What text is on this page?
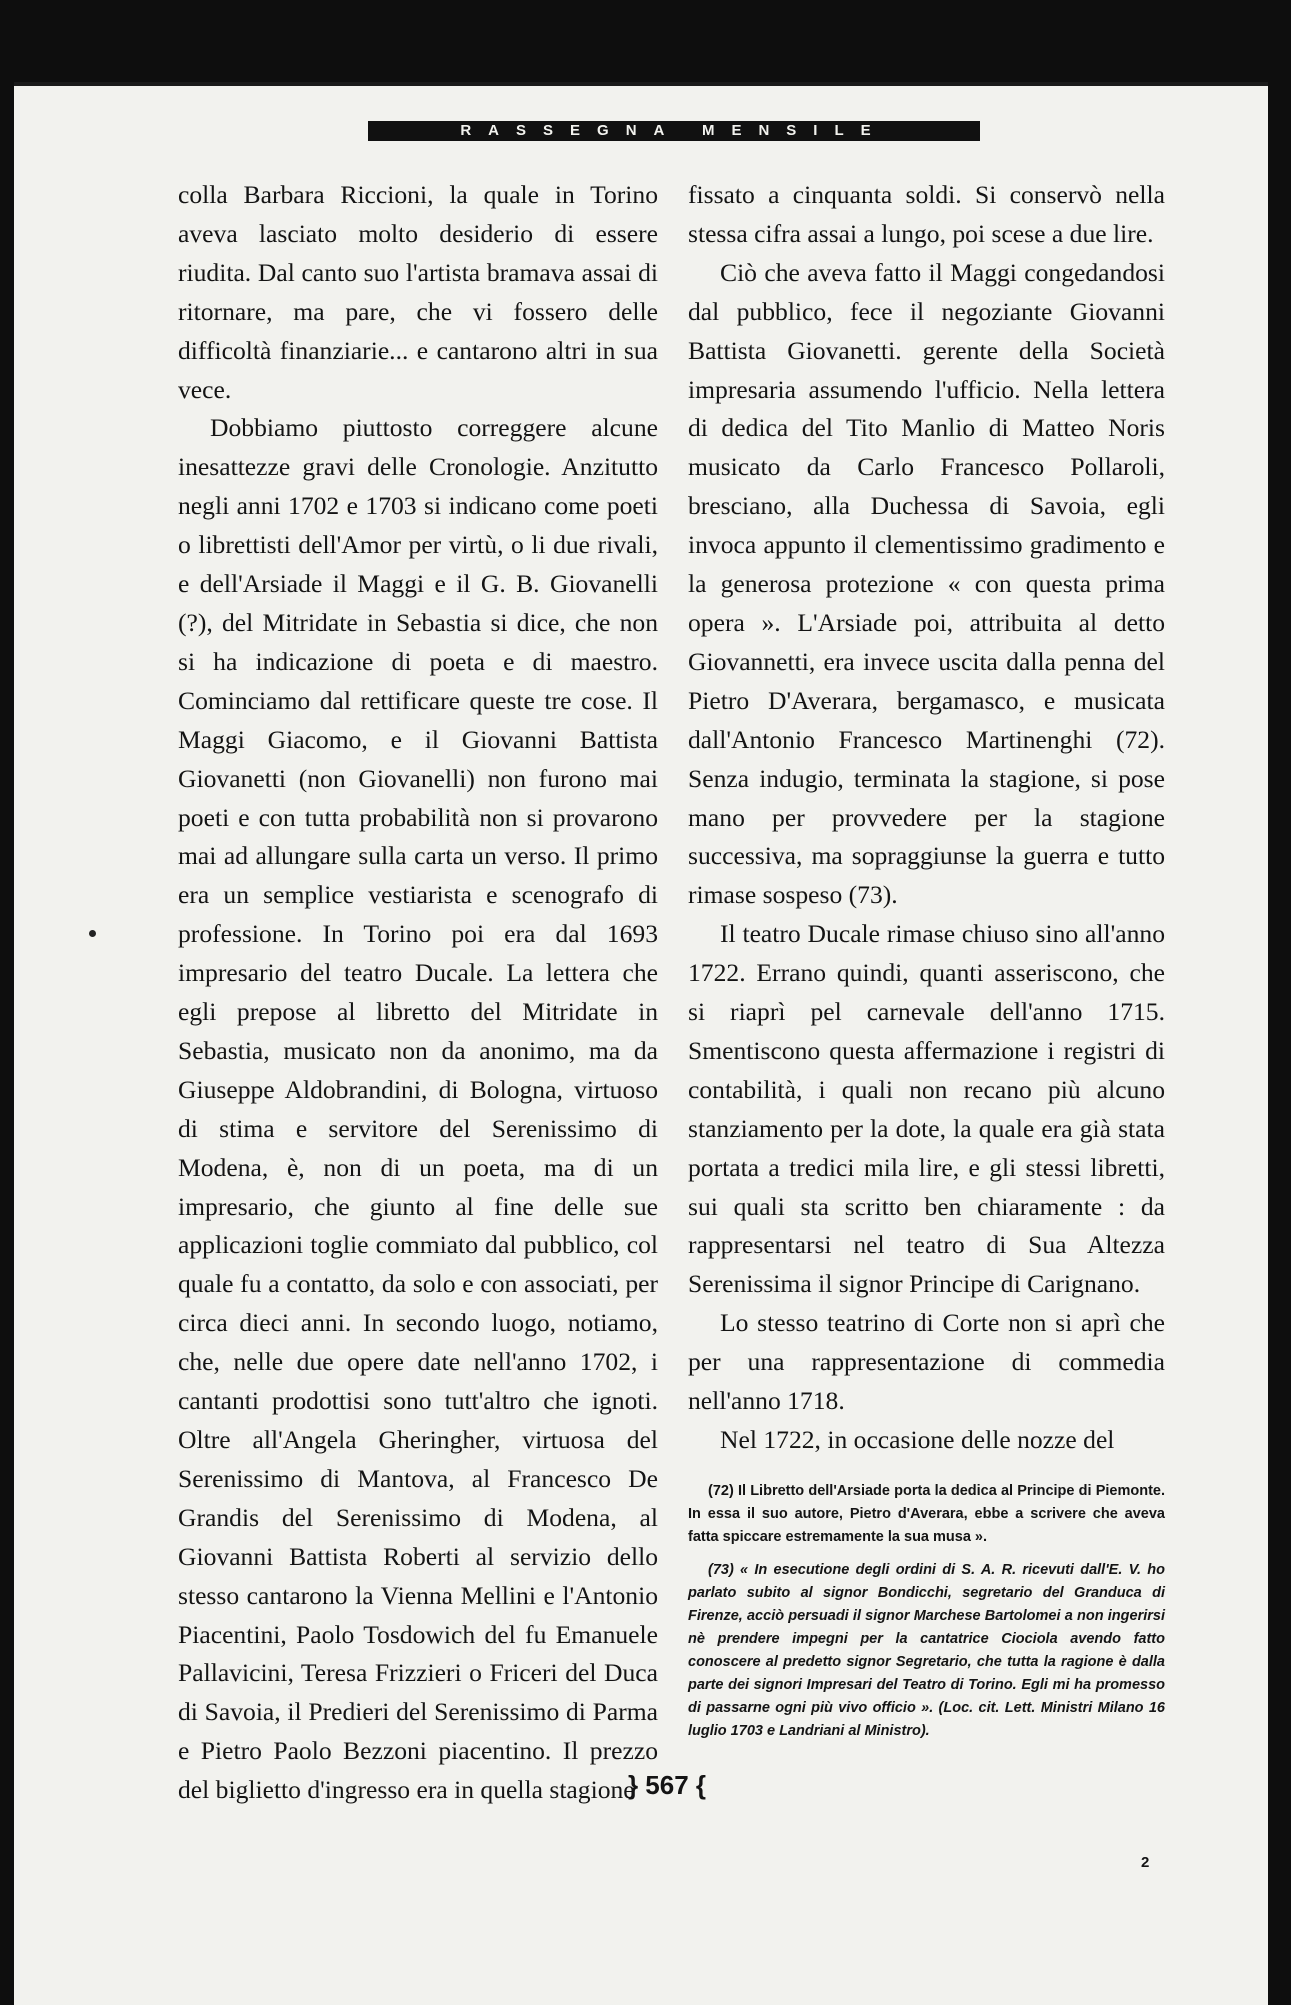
RASSEGNA MENSILE

colla Barbara Riccioni, la quale in Torino aveva lasciato molto desiderio di essere riudita. Dal canto suo l'artista bramava assai di ritornare, ma pare, che vi fossero delle difficoltà finanziarie... e cantarono altri in sua vece.

Dobbiamo piuttosto correggere alcune inesattezze gravi delle Cronologie. Anzitutto negli anni 1702 e 1703 si indicano come poeti o librettisti dell'Amor per virtù, o li due rivali, e dell'Arsiade il Maggi e il G. B. Giovanelli (?), del Mitridate in Sebastia si dice, che non si ha indicazione di poeta e di maestro. Cominciamo dal rettificare queste tre cose. Il Maggi Giacomo, e il Giovanni Battista Giovanetti (non Giovanelli) non furono mai poeti e con tutta probabilità non si provarono mai ad allungare sulla carta un verso. Il primo era un semplice vestiarista e scenografo di professione. In Torino poi era dal 1693 impresario del teatro Ducale. La lettera che egli prepose al libretto del Mitridate in Sebastia, musicato non da anonimo, ma da Giuseppe Aldobrandini, di Bologna, virtuoso di stima e servitore del Serenissimo di Modena, è, non di un poeta, ma di un impresario, che giunto al fine delle sue applicazioni toglie commiato dal pubblico, col quale fu a contatto, da solo e con associati, per circa dieci anni. In secondo luogo, notiamo, che, nelle due opere date nell'anno 1702, i cantanti prodottisi sono tutt'altro che ignoti. Oltre all'Angela Gheringher, virtuosa del Serenissimo di Mantova, al Francesco De Grandis del Serenissimo di Modena, al Giovanni Battista Roberti al servizio dello stesso cantarono la Vienna Mellini e l'Antonio Piacentini, Paolo Tosdowich del fu Emanuele Pallavicini, Teresa Frizzieri o Friceri del Duca di Savoia, il Predieri del Serenissimo di Parma e Pietro Paolo Bezzoni piacentino. Il prezzo del biglietto d'ingresso era in quella stagione

fissato a cinquanta soldi. Si conservò nella stessa cifra assai a lungo, poi scese a due lire.

Ciò che aveva fatto il Maggi congedandosi dal pubblico, fece il negoziante Giovanni Battista Giovanetti. gerente della Società impresaria assumendo l'ufficio. Nella lettera di dedica del Tito Manlio di Matteo Noris musicato da Carlo Francesco Pollaroli, bresciano, alla Duchessa di Savoia, egli invoca appunto il clementissimo gradimento e la generosa protezione « con questa prima opera ». L'Arsiade poi, attribuita al detto Giovannetti, era invece uscita dalla penna del Pietro D'Averara, bergamasco, e musicata dall'Antonio Francesco Martinenghi (72). Senza indugio, terminata la stagione, si pose mano per provvedere per la stagione successiva, ma sopraggiunse la guerra e tutto rimase sospeso (73).

Il teatro Ducale rimase chiuso sino all'anno 1722. Errano quindi, quanti asseriscono, che si riaprì pel carnevale dell'anno 1715. Smentiscono questa affermazione i registri di contabilità, i quali non recano più alcuno stanziamento per la dote, la quale era già stata portata a tredici mila lire, e gli stessi libretti, sui quali sta scritto ben chiaramente : da rappresentarsi nel teatro di Sua Altezza Serenissima il signor Principe di Carignano.

Lo stesso teatrino di Corte non si aprì che per una rappresentazione di commedia nell'anno 1718.

Nel 1722, in occasione delle nozze del

(72) Il Libretto dell'Arsiade porta la dedica al Principe di Piemonte. In essa il suo autore, Pietro d'Averara, ebbe a scrivere che aveva fatta spiccare estremamente la sua musa ».

(73) « In esecutione degli ordini di S. A. R. ricevuti dall'E. V. ho parlato subito al signor Bondicchi, segretario del Granduca di Firenze, acciò persuadi il signor Marchese Bartolomei a non ingerirsi nè prendere impegni per la cantatrice Ciociola avendo fatto conoscere al predetto signor Segretario, che tutta la ragione è dalla parte dei signori Impresari del Teatro di Torino. Egli mi ha promesso di passarne ogni più vivo officio ». (Loc. cit. Lett. Ministri Milano 16 luglio 1703 e Landriani al Ministro).

} 567 {
2
